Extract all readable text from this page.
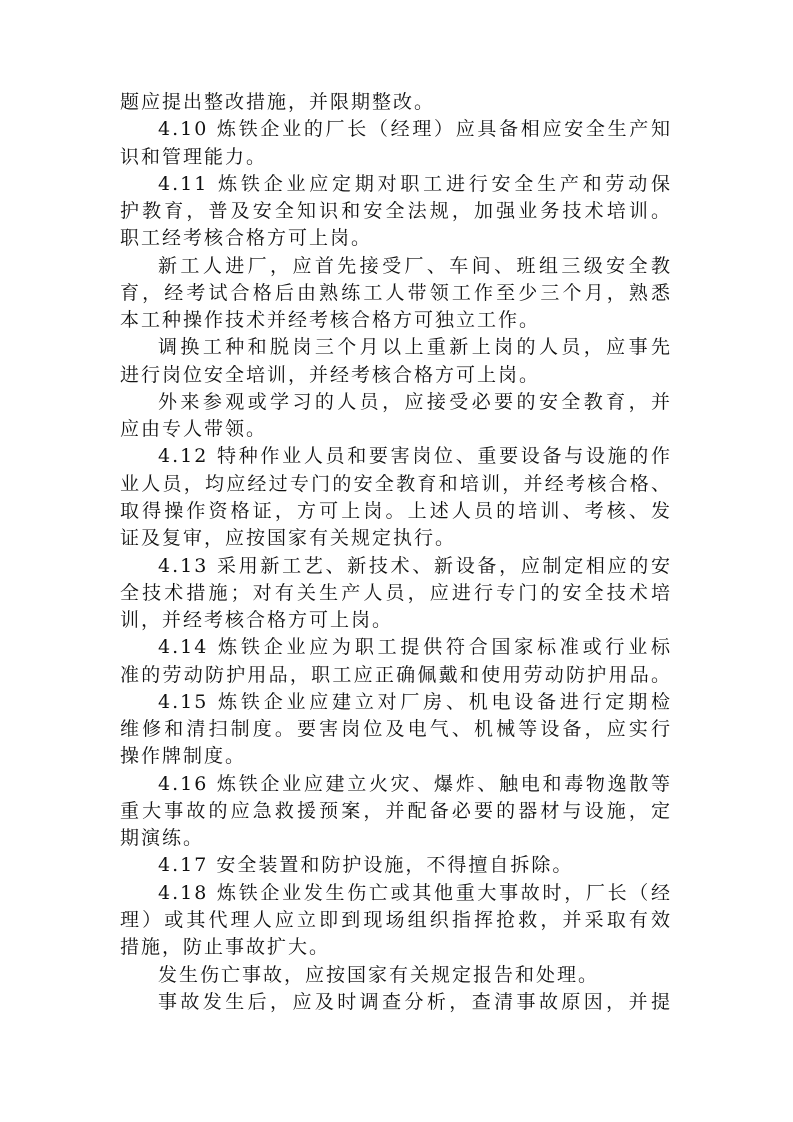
题应提出整改措施，并限期整改。
4.10 炼铁企业的厂长（经理）应具备相应安全生产知
识和管理能力。
4.11 炼铁企业应定期对职工进行安全生产和劳动保
护教育，普及安全知识和安全法规，加强业务技术培训。
职工经考核合格方可上岗。
新工人进厂，应首先接受厂、车间、班组三级安全教
育，经考试合格后由熟练工人带领工作至少三个月，熟悉
本工种操作技术并经考核合格方可独立工作。
调换工种和脱岗三个月以上重新上岗的人员，应事先
进行岗位安全培训，并经考核合格方可上岗。
外来参观或学习的人员，应接受必要的安全教育，并
应由专人带领。
4.12 特种作业人员和要害岗位、重要设备与设施的作
业人员，均应经过专门的安全教育和培训，并经考核合格、
取得操作资格证，方可上岗。上述人员的培训、考核、发
证及复审，应按国家有关规定执行。
4.13 采用新工艺、新技术、新设备，应制定相应的安
全技术措施；对有关生产人员，应进行专门的安全技术培
训，并经考核合格方可上岗。
4.14 炼铁企业应为职工提供符合国家标准或行业标
准的劳动防护用品，职工应正确佩戴和使用劳动防护用品。
4.15 炼铁企业应建立对厂房、机电设备进行定期检
维修和清扫制度。要害岗位及电气、机械等设备，应实行
操作牌制度。
4.16 炼铁企业应建立火灾、爆炸、触电和毒物逸散等
重大事故的应急救援预案，并配备必要的器材与设施，定
期演练。
4.17 安全装置和防护设施，不得擅自拆除。
4.18 炼铁企业发生伤亡或其他重大事故时，厂长（经
理）或其代理人应立即到现场组织指挥抢救，并采取有效
措施，防止事故扩大。
发生伤亡事故，应按国家有关规定报告和处理。
事故发生后，应及时调查分析，查清事故原因，并提
